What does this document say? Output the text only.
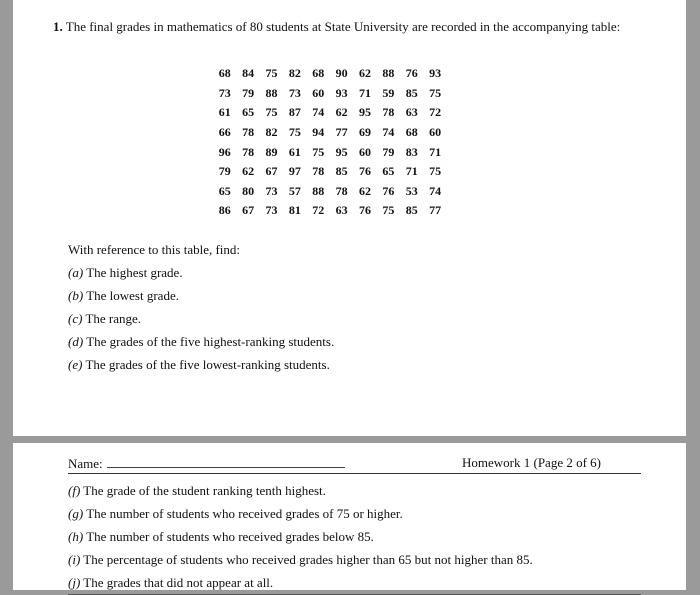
1. The final grades in mathematics of 80 students at State University are recorded in the accompanying table:
68	84	75	82	68	90	62	88	76	93
73	79	88	73	60	93	71	59	85	75
61	65	75	87	74	62	95	78	63	72
66	78	82	75	94	77	69	74	68	60
96	78	89	61	75	95	60	79	83	71
79	62	67	97	78	85	76	65	71	75
65	80	73	57	88	78	62	76	53	74
86	67	73	81	72	63	76	75	85	77
With reference to this table, find:
(a) The highest grade.
(b) The lowest grade.
(c) The range.
(d) The grades of the five highest-ranking students.
(e) The grades of the five lowest-ranking students.
Name:	Homework 1 (Page 2 of 6)
(f) The grade of the student ranking tenth highest.
(g) The number of students who received grades of 75 or higher.
(h) The number of students who received grades below 85.
(i) The percentage of students who received grades higher than 65 but not higher than 85.
(j) The grades that did not appear at all.
